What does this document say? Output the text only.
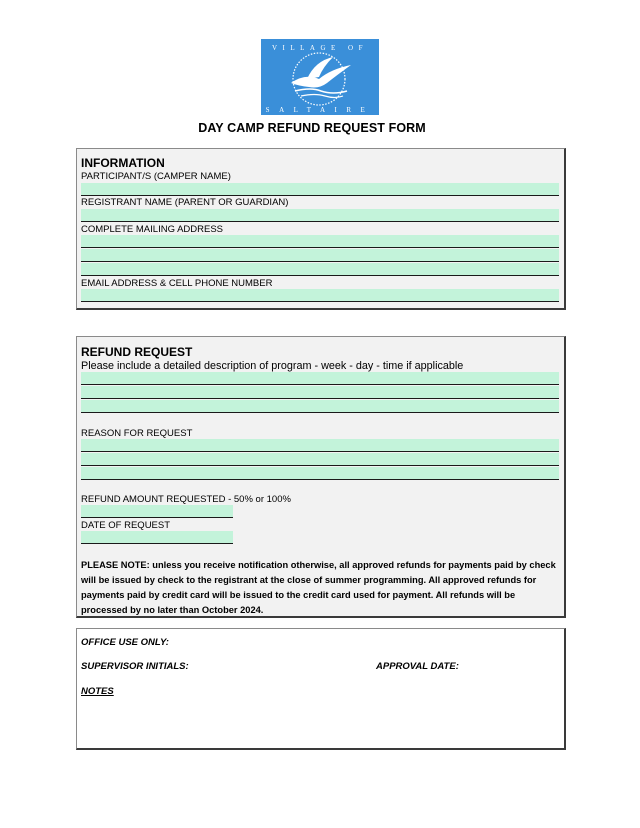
VILLAGE OF
SALTAIRE
DAY CAMP REFUND REQUEST FORM
INFORMATION
PARTICIPANT/S (CAMPER NAME)
REGISTRANT NAME (PARENT OR GUARDIAN)
COMPLETE MAILING ADDRESS
EMAIL ADDRESS & CELL PHONE NUMBER
REFUND REQUEST
Please include a detailed description of program - week - day - time if applicable
REASON FOR REQUEST
REFUND AMOUNT REQUESTED - 50% or 100%
DATE OF REQUEST
PLEASE NOTE: unless you receive notification otherwise, all approved refunds for payments paid by check will be issued by check to the registrant at the close of summer programming. All approved refunds for payments paid by credit card will be issued to the credit card used for payment. All refunds will be processed by no later than October 2024.
OFFICE USE ONLY:
SUPERVISOR INITIALS:	APPROVAL DATE:
NOTES
